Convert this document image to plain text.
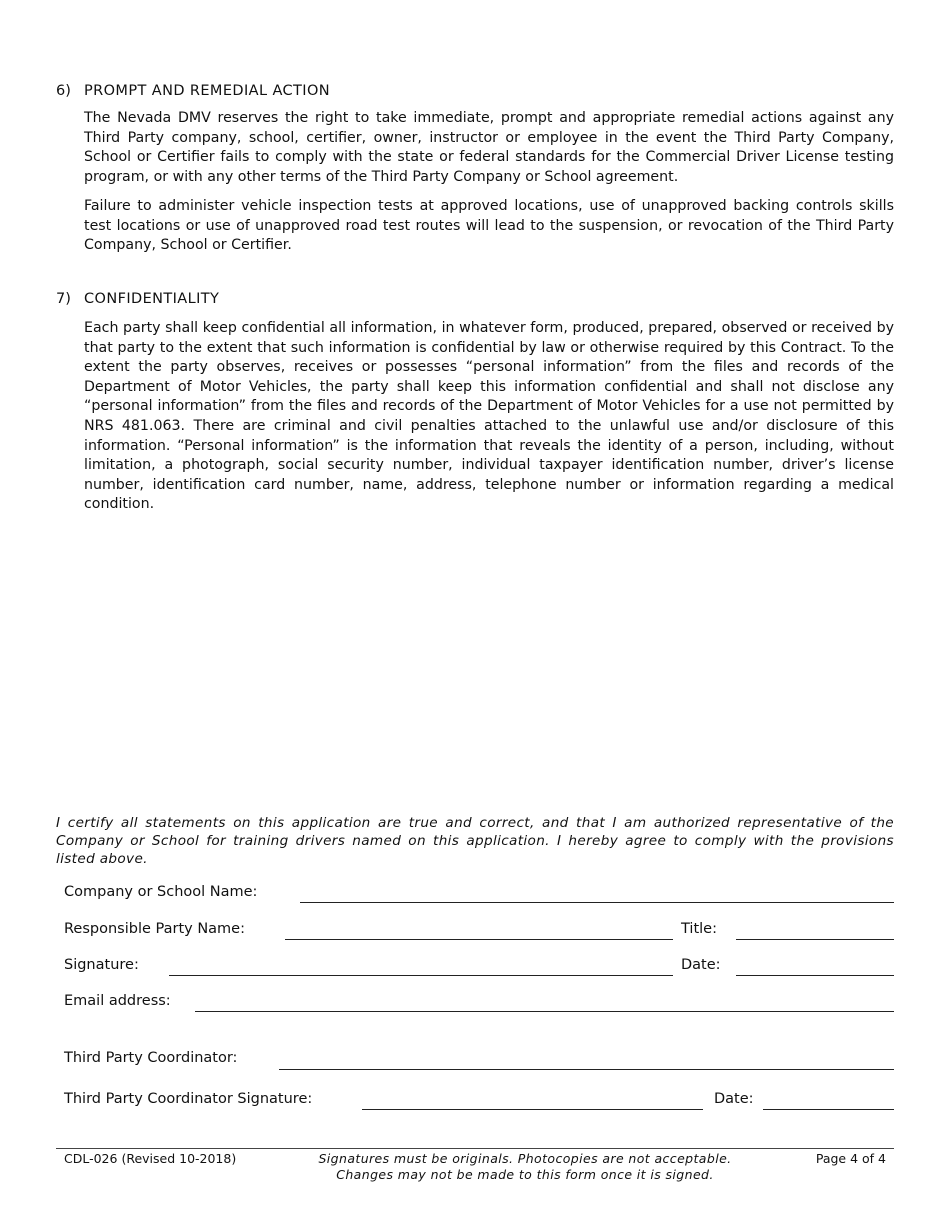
6) PROMPT AND REMEDIAL ACTION

The Nevada DMV reserves the right to take immediate, prompt and appropriate remedial actions against any Third Party company, school, certifier, owner, instructor or employee in the event the Third Party Company, School or Certifier fails to comply with the state or federal standards for the Commercial Driver License testing program, or with any other terms of the Third Party Company or School agreement.

Failure to administer vehicle inspection tests at approved locations, use of unapproved backing controls skills test locations or use of unapproved road test routes will lead to the suspension, or revocation of the Third Party Company, School or Certifier.

7) CONFIDENTIALITY

Each party shall keep confidential all information, in whatever form, produced, prepared, observed or received by that party to the extent that such information is confidential by law or otherwise required by this Contract. To the extent the party observes, receives or possesses “personal information” from the files and records of the Department of Motor Vehicles, the party shall keep this information confidential and shall not disclose any “personal information” from the files and records of the Department of Motor Vehicles for a use not permitted by NRS 481.063. There are criminal and civil penalties attached to the unlawful use and/or disclosure of this information. “Personal information” is the information that reveals the identity of a person, including, without limitation, a photograph, social security number, individual taxpayer identification number, driver’s license number, identification card number, name, address, telephone number or information regarding a medical condition.

I certify all statements on this application are true and correct, and that I am authorized representative of the Company or School for training drivers named on this application. I hereby agree to comply with the provisions listed above.

Company or School Name:
Responsible Party Name:	Title:
Signature:	Date:
Email address:
Third Party Coordinator:
Third Party Coordinator Signature:	Date:
CDL-026 (Revised 10-2018)	Signatures must be originals. Photocopies are not acceptable.
Changes may not be made to this form once it is signed.
Page 4 of 4
